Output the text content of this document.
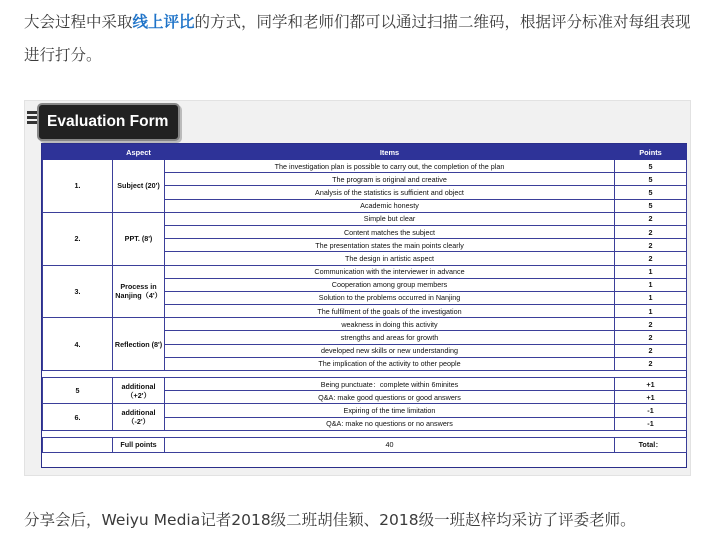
大会过程中采取线上评比的方式，同学和老师们都可以通过扫描二维码，根据评分标准对每组表现进行打分。
Evaluation Form
	Aspect	Items	Points
1.	Subject (20')	The investigation plan is possible to carry out, the completion of the plan	5
		The program is original and creative	5
		Analysis of the statistics is sufficient and object	5
		Academic honesty	5
2.	PPT. (8')	Simple but clear	2
		Content matches the subject	2
		The presentation states the main points clearly	2
		The design in artistic aspect	2
3.	Process in Nanjing（4'）	Communication with the interviewer in advance	1
		Cooperation among group members	1
		Solution to the problems occurred in Nanjing	1
		The fulfilment of the goals of the investigation	1
4.	Reflection (8')	weakness in doing this activity	2
		strengths and areas for growth	2
		developed new skills or new understanding	2
		The implication of the activity to other people	2

5	additional（+2'）	Being punctuate：complete within 6minites	+1
		Q&A: make good questions or good answers	+1
6.	additional（-2'）	Expiring of the time limitation	-1
		Q&A: make no questions or no answers	-1

	Full points	40	Total：
分享会后，Weiyu Media记者2018级二班胡佳颖、2018级一班赵梓均采访了评委老师。
